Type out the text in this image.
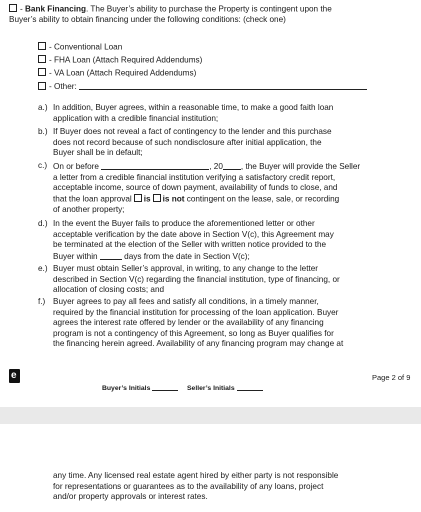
- Bank Financing. The Buyer’s ability to purchase the Property is contingent upon the
Buyer’s ability to obtain financing under the following conditions: (check one)
- Conventional Loan
- FHA Loan (Attach Required Addendums)
- VA Loan (Attach Required Addendums)
- Other:
a.) In addition, Buyer agrees, within a reasonable time, to make a good faith loan
application with a credible financial institution;
b.) If Buyer does not reveal a fact of contingency to the lender and this purchase
does not record because of such nondisclosure after initial application, the
Buyer shall be in default;
c.) On or before	, 20 , the Buyer will provide the Seller
a letter from a credible financial institution verifying a satisfactory credit report,
acceptable income, source of down payment, availability of funds to close, and
that the loan approval is is not contingent on the lease, sale, or recording
of another property;
d.) In the event the Buyer fails to produce the aforementioned letter or other
acceptable verification by the date above in Section V(c), this Agreement may
be terminated at the election of the Seller with written notice provided to the
Buyer within	days from the date in Section V(c);
e.) Buyer must obtain Seller’s approval, in writing, to any change to the letter
described in Section V(c) regarding the financial institution, type of financing, or
allocation of closing costs; and
f.) Buyer agrees to pay all fees and satisfy all conditions, in a timely manner,
required by the financial institution for processing of the loan application. Buyer
agrees the interest rate offered by lender or the availability of any financing
program is not a contingency of this Agreement, so long as Buyer qualifies for
the financing herein agreed. Availability of any financing program may change at
e	Page 2 of 9
Buyer’s Initials	Seller’s Initials
any time. Any licensed real estate agent hired by either party is not responsible
for representations or guarantees as to the availability of any loans, project
and/or property approvals or interest rates.
